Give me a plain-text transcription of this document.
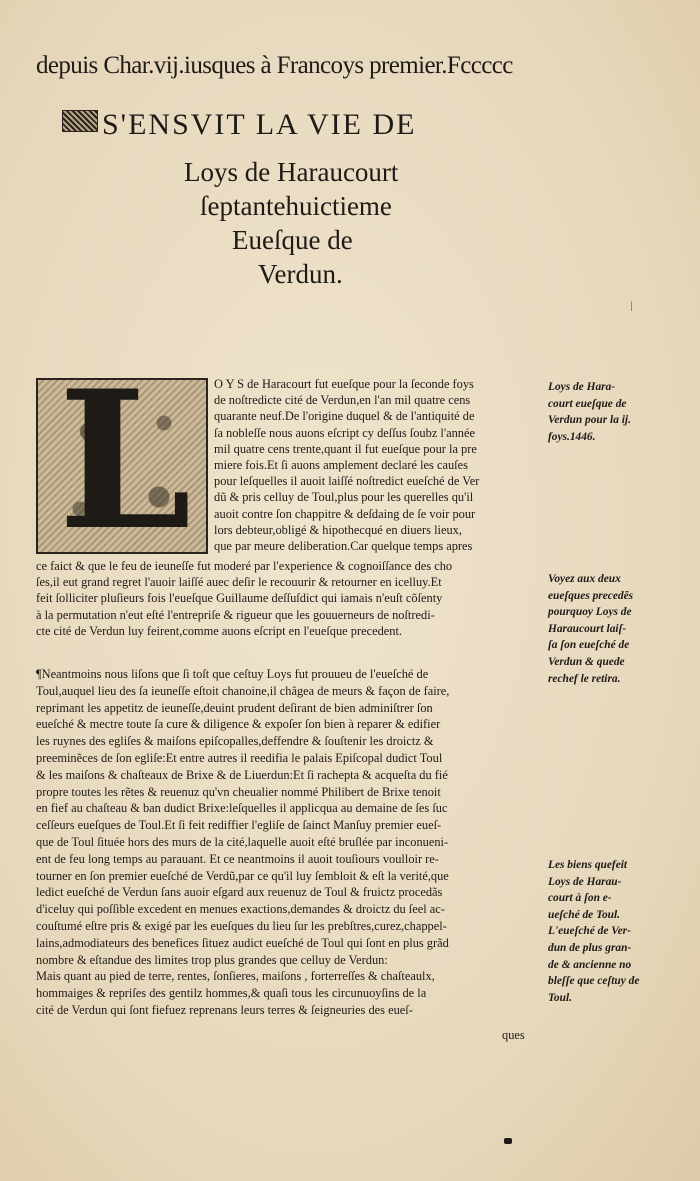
depuis Char.vij.iusques à Francoys premier.Fccccc
S'ENSVIT LA VIE DE
Loys de Haraucourt
ſeptantehuictieme
Eueſque de
Verdun.
ǀ
L O Y S de Haracourt fut eueſque pour la ſeconde foys
de noſtredicte cité de Verdun,en l'an mil quatre cens
quarante neuf.De l'origine duquel & de l'antiquité de
ſa nobleſſe nous auons eſcript cy deſſus ſoubz l'année
mil quatre cens trente,quant il fut eueſque pour la pre
miere fois.Et ſi auons amplement declaré les cauſes
pour leſquelles il auoit laiſſé noſtredict eueſché de Ver
dũ & pris celluy de Toul,plus pour les querelles qu'il
auoit contre ſon chappitre & deſdaing de ſe voir pour
lors debteur,obligé & hipothecqué en diuers lieux,
que par meure deliberation.Car quelque temps apres
ce faict & que le feu de ieuneſſe fut moderé par l'experience & cognoiſſance des cho
ſes,il eut grand regret l'auoir laiſſé auec deſir le recouurir & retourner en icelluy.Et
feit ſolliciter pluſieurs fois l'eueſque Guillaume deſſuſdict qui iamais n'euſt cõſenty
à la permutation n'eut eſté l'entrepriſe & rigueur que les gouuerneurs de noſtredi-
cte cité de Verdun luy feirent,comme auons eſcript en l'eueſque precedent.
¶Neantmoins nous liſons que ſi toſt que ceſtuy Loys fut prouueu de l'eueſché de
Toul,auquel lieu des ſa ieuneſſe eſtoit chanoine,il châgea de meurs & façon de faire,
reprimant les appetitz de ieuneſſe,deuint prudent deſirant de bien adminiſtrer ſon
eueſché & mectre toute ſa cure & diligence & expoſer ſon bien à reparer & edifier
les ruynes des egliſes & maiſons epiſcopalles,deffendre & ſouſtenir les droictz &
preeminẽces de ſon egliſe:Et entre autres il reedifia le palais Epiſcopal dudict Toul
& les maiſons & chaſteaux de Brixe & de Liuerdun:Et ſi rachepta & acqueſta du fié
propre toutes les rẽtes & reuenuz qu'vn cheualier nommé Philibert de Brixe tenoit
en fief au chaſteau & ban dudict Brixe:leſquelles il applicqua au demaine de ſes ſuc
ceſſeurs eueſques de Toul.Et ſi feit rediffier l'egliſe de ſainct Manſuy premier eueſ-
que de Toul ſituée hors des murs de la cité,laquelle auoit eſté bruſlée par inconueni-
ent de feu long temps au parauant. Et ce neantmoins il auoit touſiours voulloir re-
tourner en ſon premier eueſché de Verdũ,par ce qu'il luy ſembloit & eſt la verité,que
ledict eueſché de Verdun ſans auoir eſgard aux reuenuz de Toul & fruictz procedãs
d'iceluy qui poſſible excedent en menues exactions,demandes & droictz du ſeel ac-
couſtumé eſtre pris & exigé par les eueſques du lieu ſur les prebſtres,curez,chappel-
lains,admodiateurs des benefices ſituez audict eueſché de Toul qui ſont en plus grãd
nombre & eſtandue des limites trop plus grandes que celluy de Verdun:
Mais quant au pied de terre, rentes, ſonſieres, maiſons , forterreſſes & chaſteaulx,
hommaiges & repriſes des gentilz hommes,& quaſi tous les circunuoyſins de la
cité de Verdun qui ſont fiefuez reprenans leurs terres & ſeigneuries des eueſ-
Loys de Hara-
court eueſque de
Verdun pour la ij.
foys.1446.
Voyez aux deux
eueſques precedẽs
pourquoy Loys de
Haraucourt laiſ-
ſa ſon eueſché de
Verdun & quede
rechef le retira.
Les biens quefeit
Loys de Harau-
court à ſon e-
ueſché de Toul.
L'eueſché de Ver-
dun de plus gran-
de & ancienne no
bleſſe que ceſtuy de
Toul.
ques
